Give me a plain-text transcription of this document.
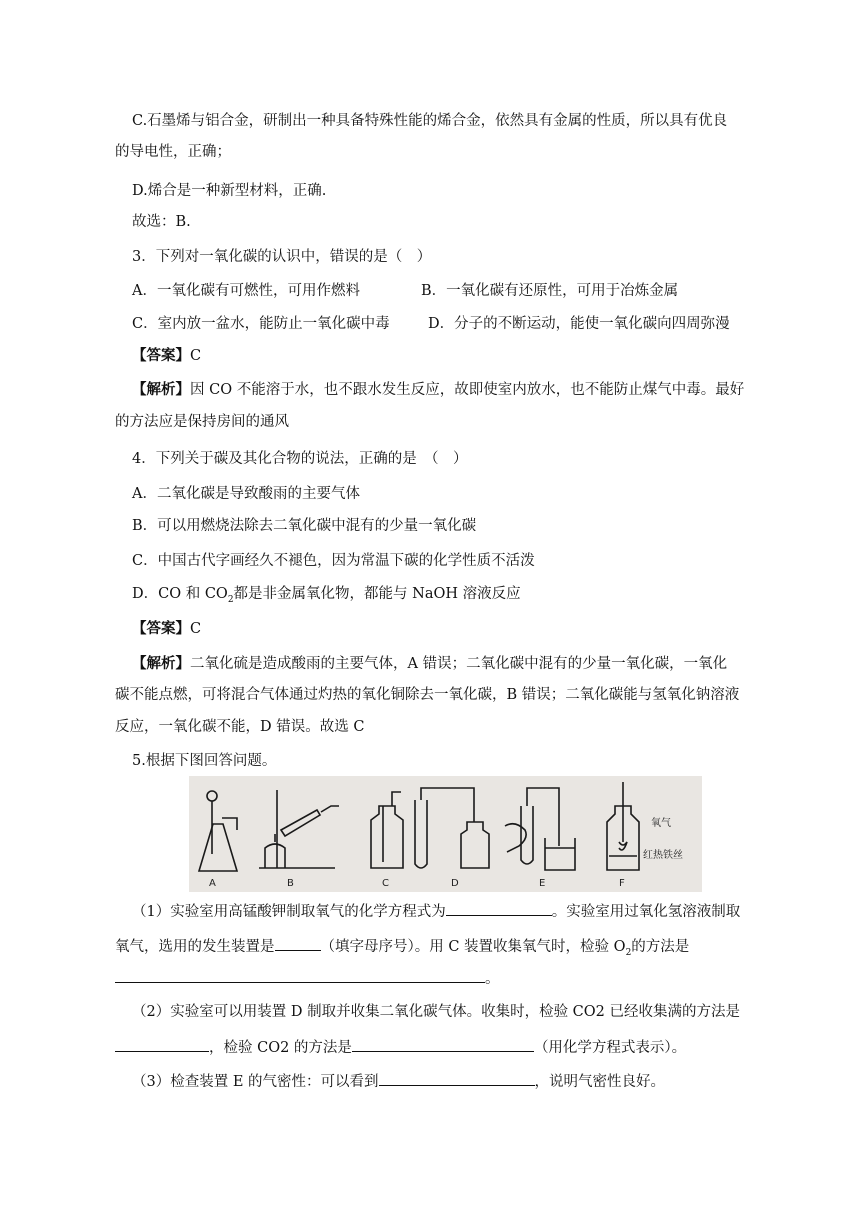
C.石墨烯与铝合金，研制出一种具备特殊性能的烯合金，依然具有金属的性质，所以具有优良
的导电性，正确；
D.烯合是一种新型材料，正确.
故选：B.
3．下列对一氧化碳的认识中，错误的是（　）
A．一氧化碳有可燃性，可用作燃料	B．一氧化碳有还原性，可用于冶炼金属
C．室内放一盆水，能防止一氧化碳中毒	D．分子的不断运动，能使一氧化碳向四周弥漫
【答案】C
【解析】因 CO 不能溶于水，也不跟水发生反应，故即使室内放水，也不能防止煤气中毒。最好
的方法应是保持房间的通风
4．下列关于碳及其化合物的说法，正确的是　（　）
A．二氧化碳是导致酸雨的主要气体
B．可以用燃烧法除去二氧化碳中混有的少量一氧化碳
C．中国古代字画经久不褪色，因为常温下碳的化学性质不活泼
D．CO 和 $CO_2$都是非金属氧化物，都能与 NaOH 溶液反应
【答案】C
【解析】二氧化硫是造成酸雨的主要气体，A 错误；二氧化碳中混有的少量一氧化碳，一氧化
碳不能点燃，可将混合气体通过灼热的氧化铜除去一氧化碳，B 错误；二氧化碳能与氢氧化钠溶液
反应，一氧化碳不能，D 错误。故选 C
5.根据下图回答问题。
A	B	C	D	E	F
氧气
红热铁丝
（1）实验室用高锰酸钾制取氧气的化学方程式为	。实验室用过氧化氢溶液制取
氧气，选用的发生装置是	（填字母序号）。用 C 装置收集氧气时，检验 $O_2$的方法是
。
（2）实验室可以用装置 D 制取并收集二氧化碳气体。收集时，检验 CO2 已经收集满的方法是
，检验 CO2 的方法是	（用化学方程式表示）。
（3）检查装置 E 的气密性：可以看到	，说明气密性良好。
